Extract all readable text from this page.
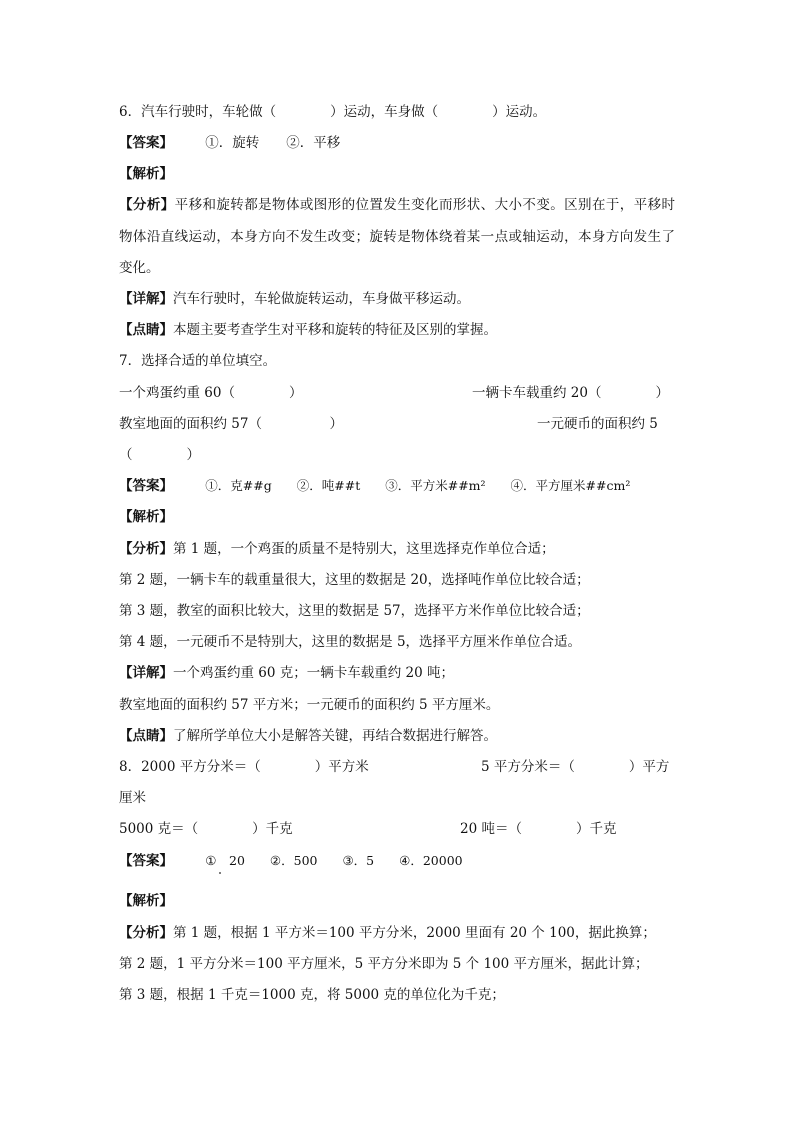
6．汽车行驶时，车轮做（　　　　）运动，车身做（　　　　）运动。
【答案】 ①．旋转　　②．平移
【解析】
【分析】平移和旋转都是物体或图形的位置发生变化而形状、大小不变。区别在于，平移时
物体沿直线运动，本身方向不发生改变；旋转是物体绕着某一点或轴运动，本身方向发生了
变化。
【详解】汽车行驶时，车轮做旋转运动，车身做平移运动。
【点睛】本题主要考查学生对平移和旋转的特征及区别的掌握。
7．选择合适的单位填空。
一个鸡蛋约重 60（　　　　）	一辆卡车载重约 20（　　　　）
教室地面的面积约 57（　　　　　）	一元硬币的面积约 5
（　　　　）
【答案】	①．克##g　　②．吨##t　　③．平方米##m²　　④．平方厘米##cm²
【解析】
【分析】第 1 题，一个鸡蛋的质量不是特别大，这里选择克作单位合适；
第 2 题，一辆卡车的载重量很大，这里的数据是 20，选择吨作单位比较合适；
第 3 题，教室的面积比较大，这里的数据是 57，选择平方米作单位比较合适；
第 4 题，一元硬币不是特别大，这里的数据是 5，选择平方厘米作单位合适。
【详解】一个鸡蛋约重 60 克；一辆卡车载重约 20 吨；
教室地面的面积约 57 平方米；一元硬币的面积约 5 平方厘米。
【点睛】了解所学单位大小是解答关键，再结合数据进行解答。
8．2000 平方分米＝（　　　　）平方米	5 平方分米＝（　　　　）平方
厘米
5000 克＝（　　　　）千克	20 吨＝（　　　　）千克
【答案】	①　20　　②．500　　③．5　　④．20000
【解析】
【分析】第 1 题，根据 1 平方米＝100 平方分米，2000 里面有 20 个 100，据此换算；
第 2 题，1 平方分米＝100 平方厘米，5 平方分米即为 5 个 100 平方厘米，据此计算；
第 3 题，根据 1 千克＝1000 克，将 5000 克的单位化为千克；
